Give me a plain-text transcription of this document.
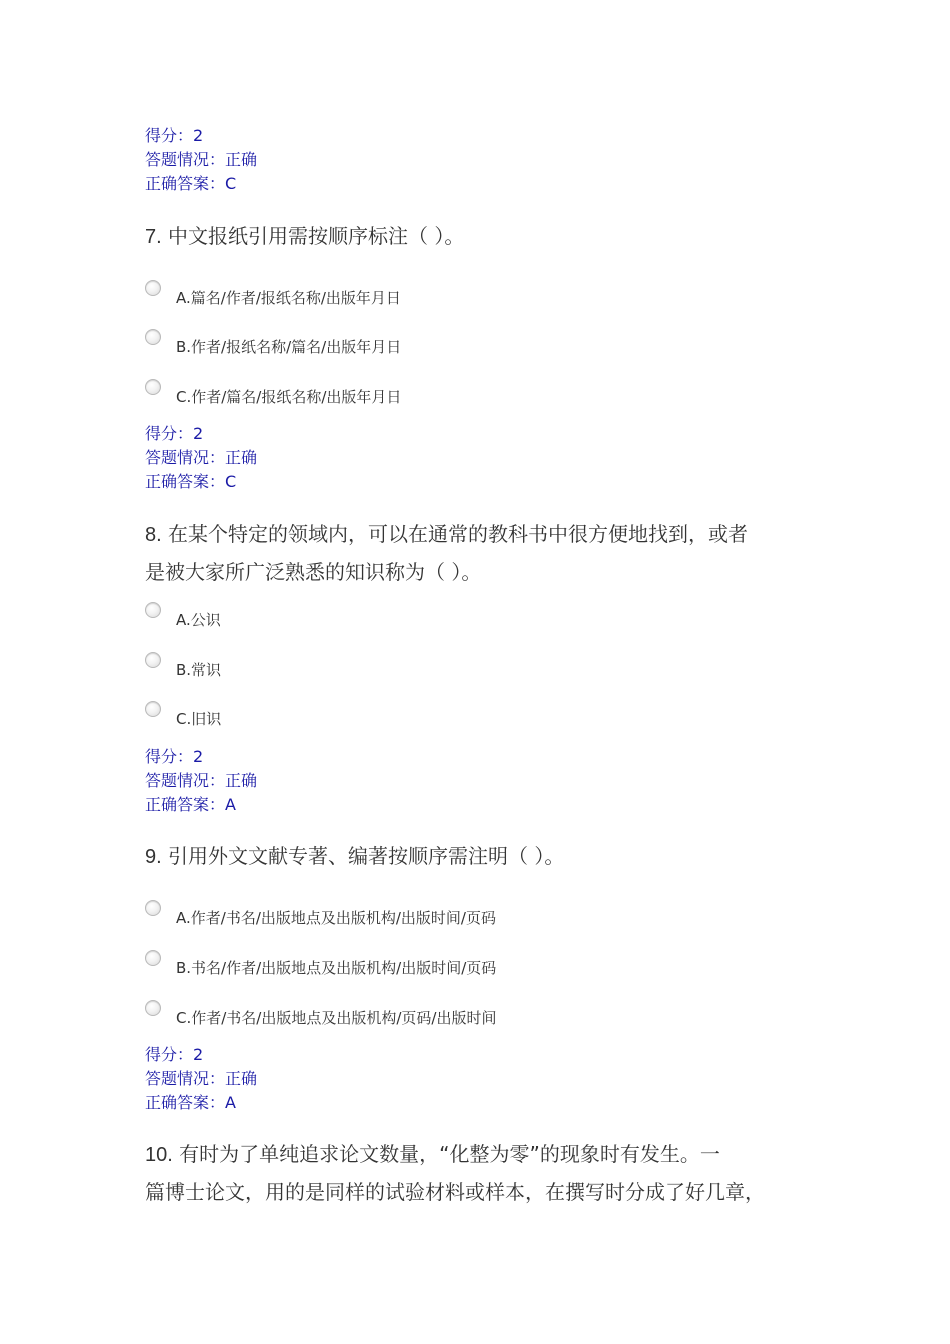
得分：2
答题情况：正确
正确答案：C
7. 中文报纸引用需按顺序标注（ ）。
A.篇名/作者/报纸名称/出版年月日
B.作者/报纸名称/篇名/出版年月日
C.作者/篇名/报纸名称/出版年月日
得分：2
答题情况：正确
正确答案：C
8. 在某个特定的领域内，可以在通常的教科书中很方便地找到，或者
是被大家所广泛熟悉的知识称为（ ）。
A.公识
B.常识
C.旧识
得分：2
答题情况：正确
正确答案：A
9. 引用外文文献专著、编著按顺序需注明（ ）。
A.作者/书名/出版地点及出版机构/出版时间/页码
B.书名/作者/出版地点及出版机构/出版时间/页码
C.作者/书名/出版地点及出版机构/页码/出版时间
得分：2
答题情况：正确
正确答案：A
10. 有时为了单纯追求论文数量，“化整为零”的现象时有发生。一
篇博士论文，用的是同样的试验材料或样本，在撰写时分成了好几章，
